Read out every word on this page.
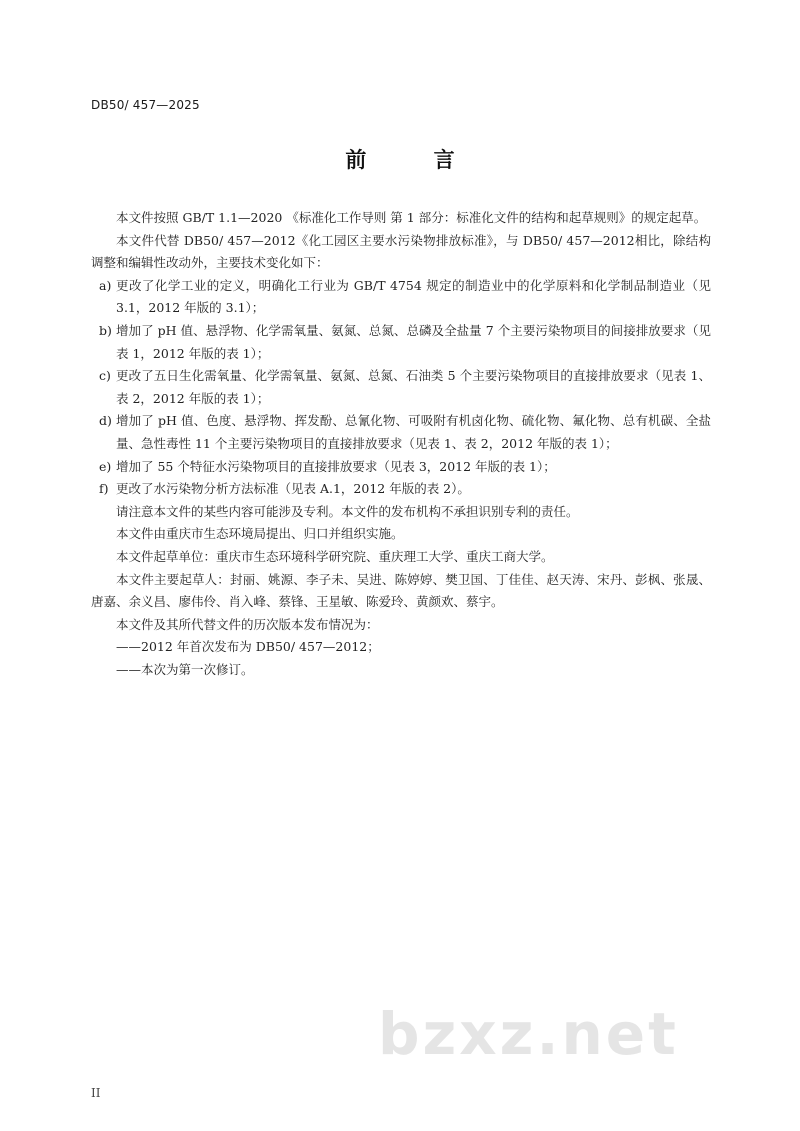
DB50/ 457—2025
前 言

本文件按照 GB/T 1.1—2020 《标准化工作导则 第 1 部分：标准化文件的结构和起草规则》的规定起草。

本文件代替 DB50/ 457—2012《化工园区主要水污染物排放标准》，与 DB50/ 457—2012相比，除结构调整和编辑性改动外，主要技术变化如下：

a) 更改了化学工业的定义，明确化工行业为 GB/T 4754 规定的制造业中的化学原料和化学制品制造业（见 3.1，2012 年版的 3.1）；
b) 增加了 pH 值、悬浮物、化学需氧量、氨氮、总氮、总磷及全盐量 7 个主要污染物项目的间接排放要求（见表 1，2012 年版的表 1）；
c) 更改了五日生化需氧量、化学需氧量、氨氮、总氮、石油类 5 个主要污染物项目的直接排放要求（见表 1、表 2，2012 年版的表 1）；
d) 增加了 pH 值、色度、悬浮物、挥发酚、总氰化物、可吸附有机卤化物、硫化物、氟化物、总有机碳、全盐量、急性毒性 11 个主要污染物项目的直接排放要求（见表 1、表 2，2012 年版的表 1）；
e) 增加了 55 个特征水污染物项目的直接排放要求（见表 3，2012 年版的表 1）；
f) 更改了水污染物分析方法标准（见表 A.1，2012 年版的表 2）。

请注意本文件的某些内容可能涉及专利。本文件的发布机构不承担识别专利的责任。

本文件由重庆市生态环境局提出、归口并组织实施。

本文件起草单位：重庆市生态环境科学研究院、重庆理工大学、重庆工商大学。

本文件主要起草人：封丽、姚源、李子未、吴进、陈婷婷、樊卫国、丁佳佳、赵天涛、宋丹、彭枫、张晟、唐嘉、余义昌、廖伟伶、肖入峰、蔡锋、王星敏、陈爱玲、黄颜欢、蔡宇。

本文件及其所代替文件的历次版本发布情况为：

——2012 年首次发布为 DB50/ 457—2012；

——本次为第一次修订。

bzxz.net
II
